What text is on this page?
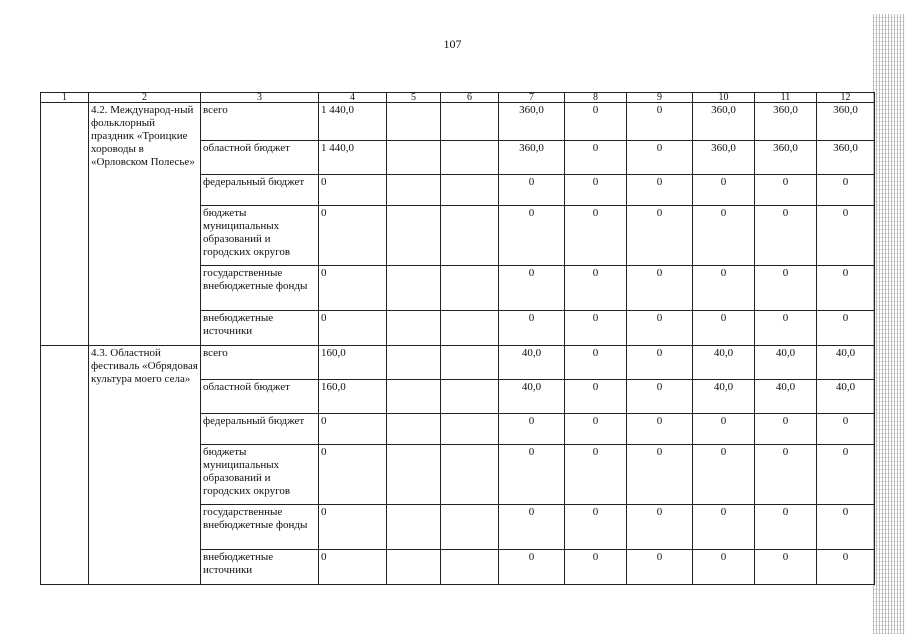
107
1	2	3	4	5	6	7	8	9	10	11	12
	4.2. Международ-ный фольклорный праздник «Троицкие хороводы в «Орловском Полесье»	всего	1 440,0			360,0	0	0	360,0	360,0	360,0
		областной бюджет	1 440,0			360,0	0	0	360,0	360,0	360,0
		федеральный бюджет	0			0	0	0	0	0	0
		бюджеты муниципальных образований и городских округов	0			0	0	0	0	0	0
		государственные внебюджетные фонды	0			0	0	0	0	0	0
		внебюджетные источники	0			0	0	0	0	0	0
	4.3. Областной фестиваль «Обрядовая культура моего села»	всего	160,0			40,0	0	0	40,0	40,0	40,0
		областной бюджет	160,0			40,0	0	0	40,0	40,0	40,0
		федеральный бюджет	0			0	0	0	0	0	0
		бюджеты муниципальных образований и городских округов	0			0	0	0	0	0	0
		государственные внебюджетные фонды	0			0	0	0	0	0	0
		внебюджетные источники	0			0	0	0	0	0	0
